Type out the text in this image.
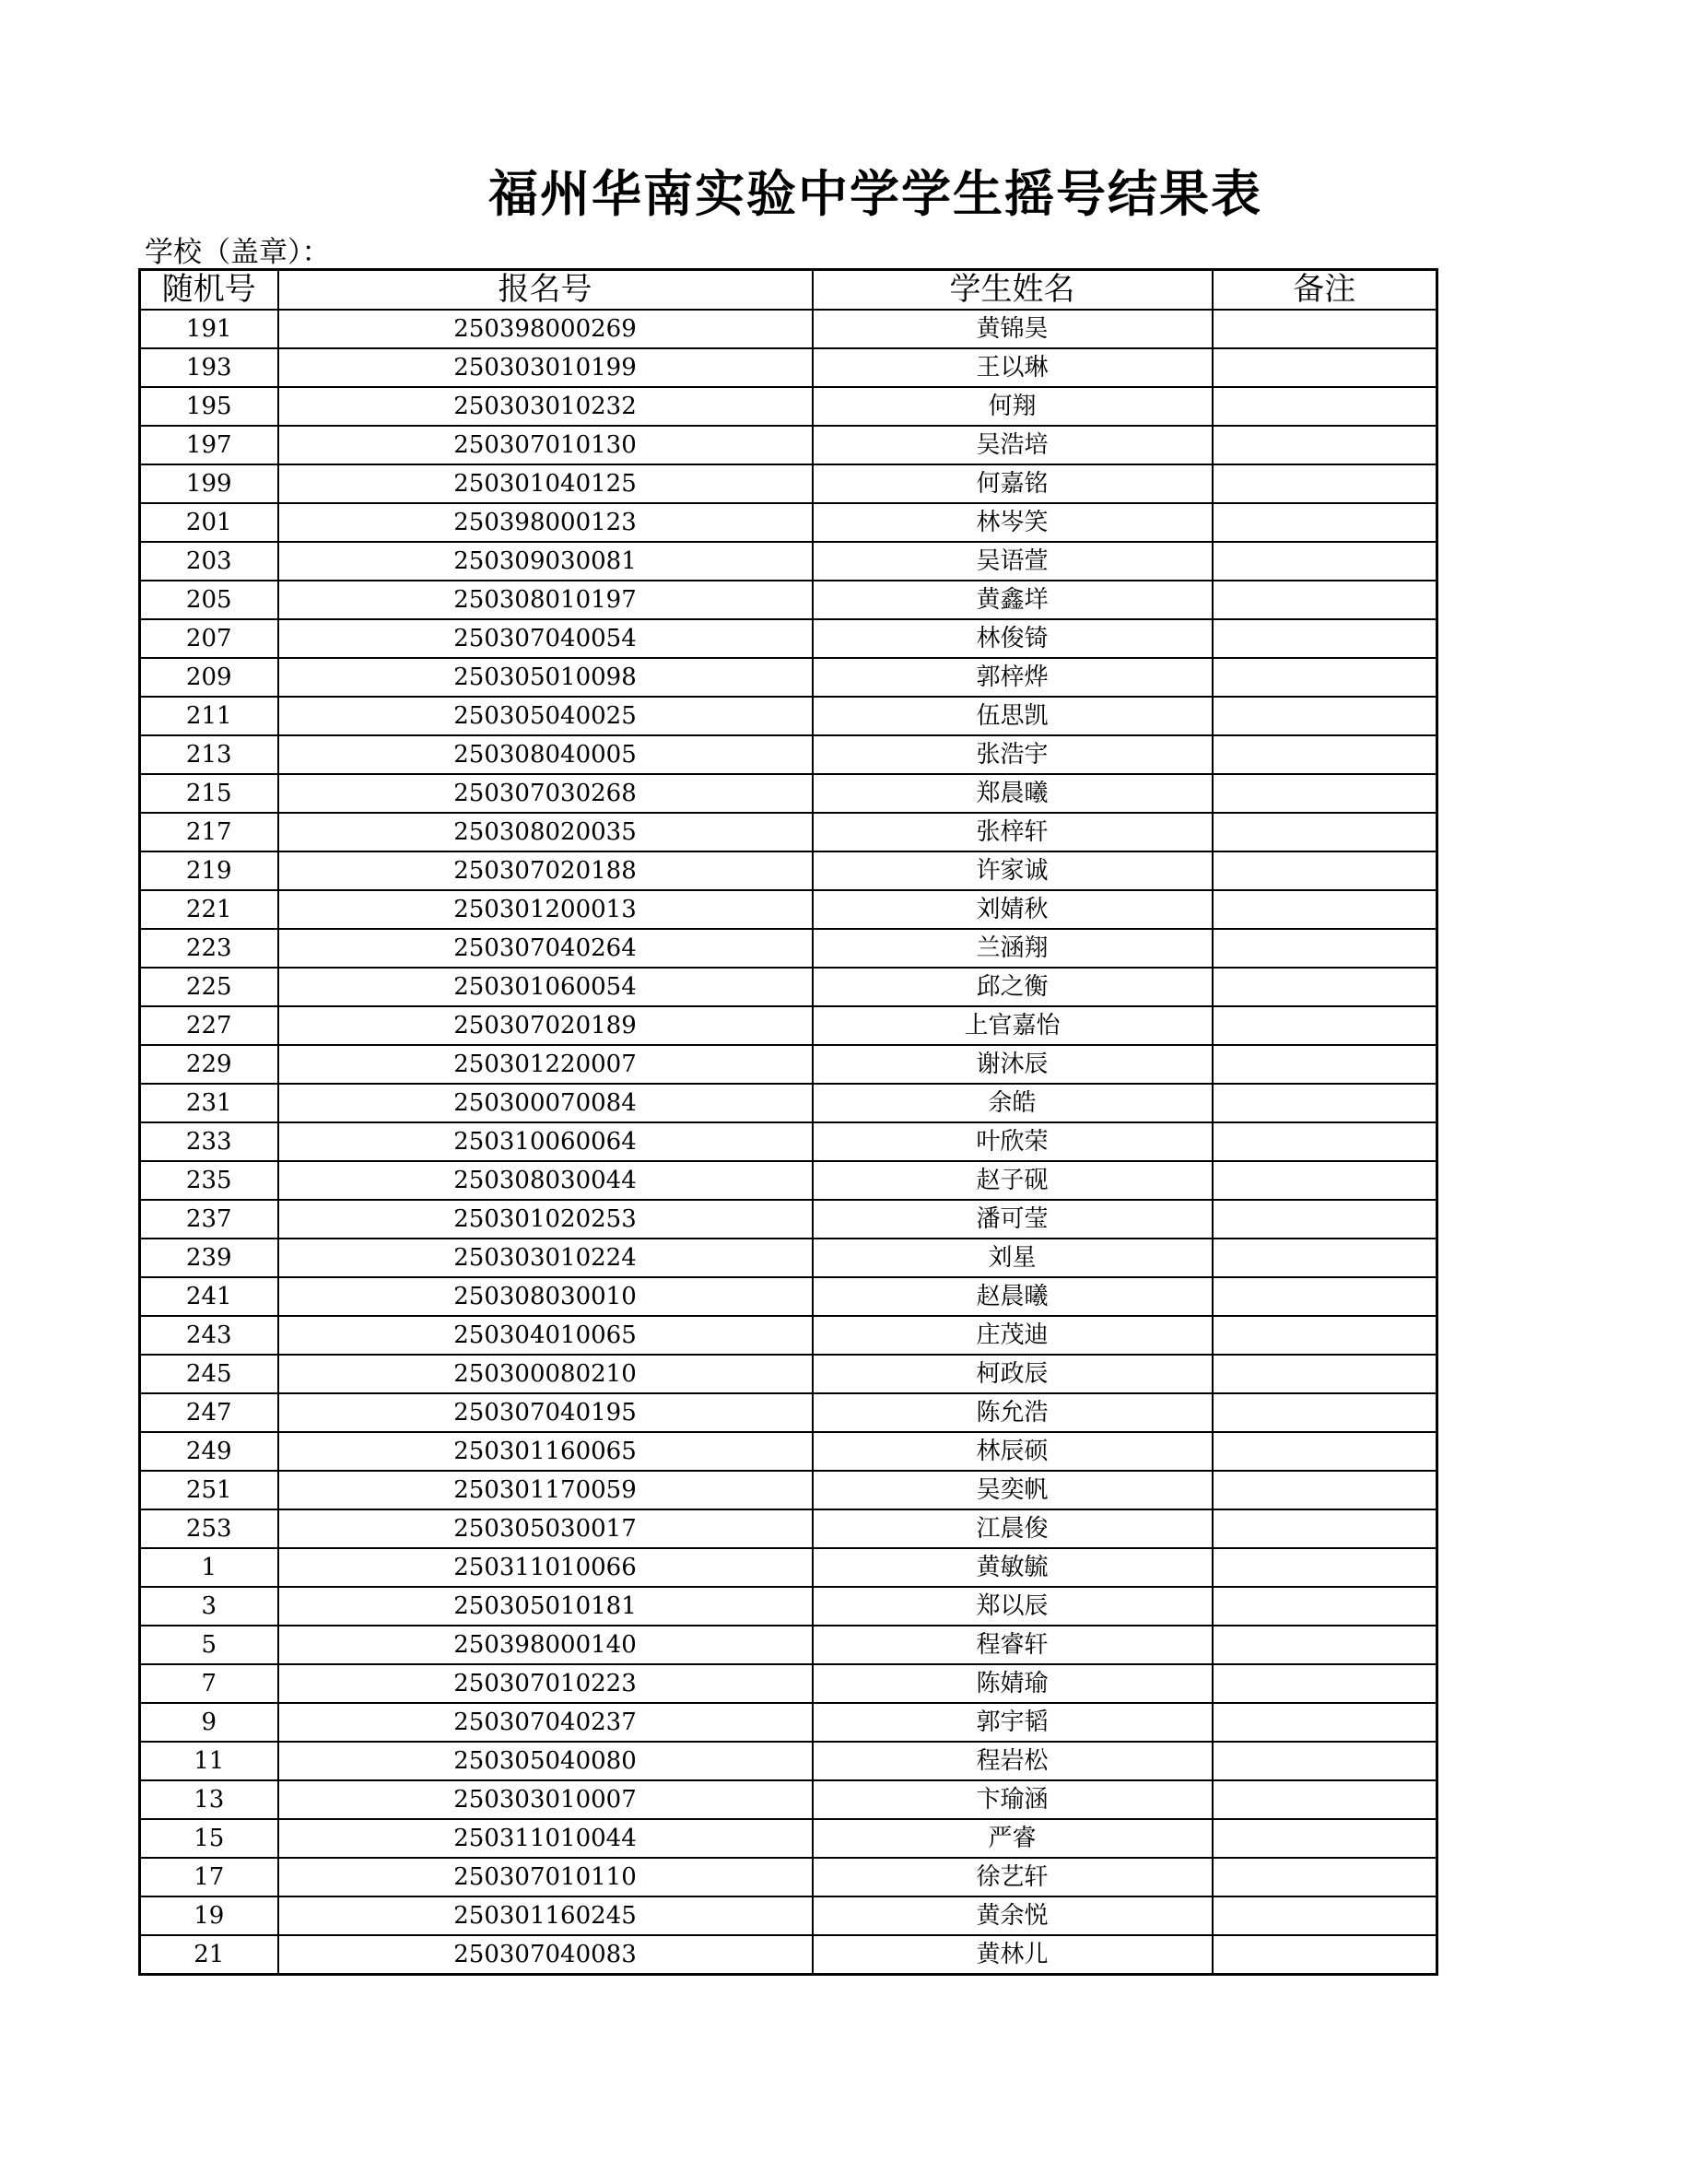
福州华南实验中学学生摇号结果表
学校（盖章）：
随机号	报名号	学生姓名	备注
191	250398000269	黄锦昊	
193	250303010199	王以琳	
195	250303010232	何翔	
197	250307010130	吴浩培	
199	250301040125	何嘉铭	
201	250398000123	林岑笑	
203	250309030081	吴语萱	
205	250308010197	黄鑫垟	
207	250307040054	林俊锜	
209	250305010098	郭梓烨	
211	250305040025	伍思凯	
213	250308040005	张浩宇	
215	250307030268	郑晨曦	
217	250308020035	张梓轩	
219	250307020188	许家诚	
221	250301200013	刘婧秋	
223	250307040264	兰涵翔	
225	250301060054	邱之衡	
227	250307020189	上官嘉怡	
229	250301220007	谢沐辰	
231	250300070084	余皓	
233	250310060064	叶欣荣	
235	250308030044	赵子砚	
237	250301020253	潘可莹	
239	250303010224	刘星	
241	250308030010	赵晨曦	
243	250304010065	庄茂迪	
245	250300080210	柯政辰	
247	250307040195	陈允浩	
249	250301160065	林辰硕	
251	250301170059	吴奕帆	
253	250305030017	江晨俊	
1	250311010066	黄敏毓	
3	250305010181	郑以辰	
5	250398000140	程睿轩	
7	250307010223	陈婧瑜	
9	250307040237	郭宇韬	
11	250305040080	程岩松	
13	250303010007	卞瑜涵	
15	250311010044	严睿	
17	250307010110	徐艺轩	
19	250301160245	黄余悦	
21	250307040083	黄林儿	
